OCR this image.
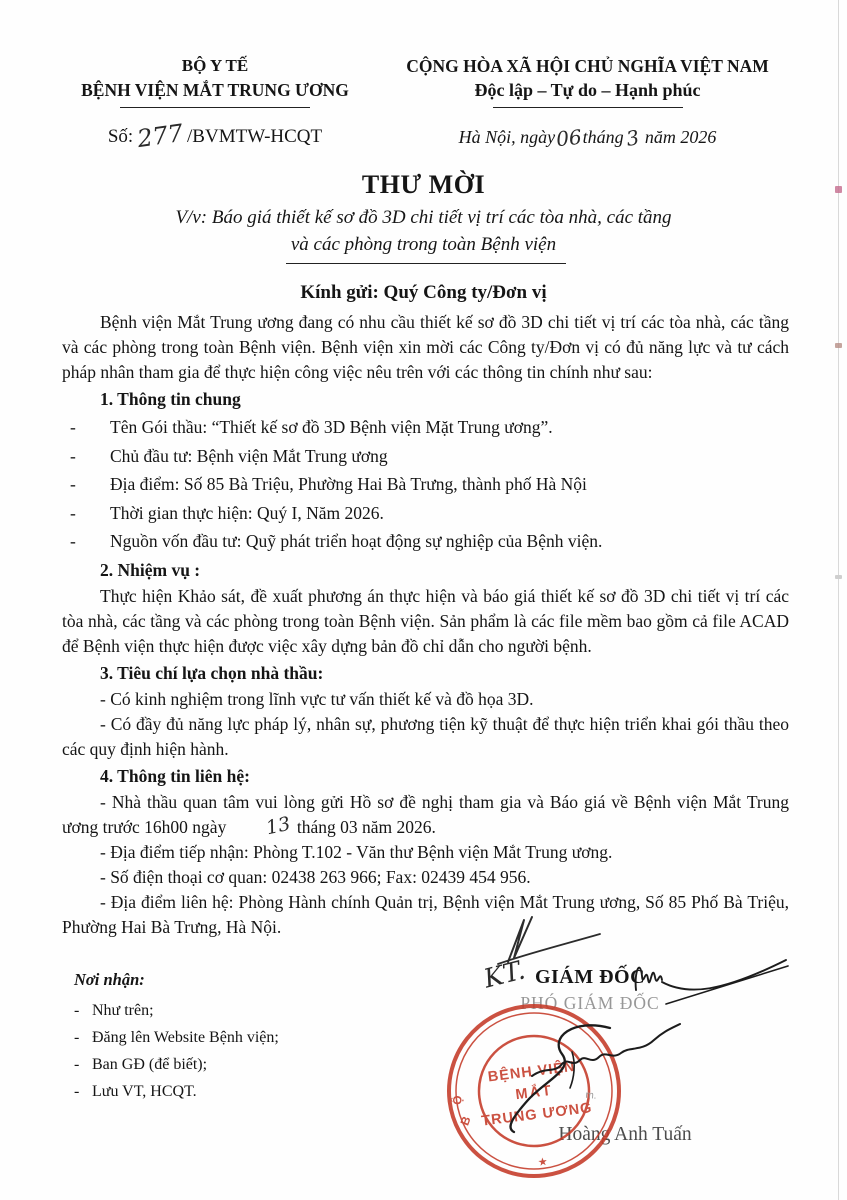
BỘ Y TẾ
BỆNH VIỆN MẮT TRUNG ƯƠNG
Số: 277 /BVMTW-HCQT
CỘNG HÒA XÃ HỘI CHỦ NGHĨA VIỆT NAM
Độc lập – Tự do – Hạnh phúc
Hà Nội, ngày06tháng3 năm 2026
THƯ MỜI
V/v: Báo giá thiết kế sơ đồ 3D chi tiết vị trí các tòa nhà, các tầng
và các phòng trong toàn Bệnh viện
Kính gửi: Quý Công ty/Đơn vị

Bệnh viện Mắt Trung ương đang có nhu cầu thiết kế sơ đồ 3D chi tiết vị trí các tòa nhà, các tầng và các phòng trong toàn Bệnh viện. Bệnh viện xin mời các Công ty/Đơn vị có đủ năng lực và tư cách pháp nhân tham gia để thực hiện công việc nêu trên với các thông tin chính như sau:

1. Thông tin chung
-	Tên Gói thầu: “Thiết kế sơ đồ 3D Bệnh viện Mặt Trung ương”.
-	Chủ đầu tư: Bệnh viện Mắt Trung ương
-	Địa điểm: Số 85 Bà Triệu, Phường Hai Bà Trưng, thành phố Hà Nội
-	Thời gian thực hiện: Quý I, Năm 2026.
-	Nguồn vốn đầu tư: Quỹ phát triển hoạt động sự nghiệp của Bệnh viện.
2. Nhiệm vụ :

Thực hiện Khảo sát, đề xuất phương án thực hiện và báo giá thiết kế sơ đồ 3D chi tiết vị trí các tòa nhà, các tầng và các phòng trong toàn Bệnh viện. Sản phẩm là các file mềm bao gồm cả file ACAD để Bệnh viện thực hiện được việc xây dựng bản đồ chỉ dẫn cho người bệnh.

3. Tiêu chí lựa chọn nhà thầu:

- Có kinh nghiệm trong lĩnh vực tư vấn thiết kế và đồ họa 3D.

- Có đầy đủ năng lực pháp lý, nhân sự, phương tiện kỹ thuật để thực hiện triển khai gói thầu theo các quy định hiện hành.

4. Thông tin liên hệ:

- Nhà thầu quan tâm vui lòng gửi Hồ sơ đề nghị tham gia và Báo giá về Bệnh viện Mắt Trung ương trước 16h00 ngày 13 tháng 03 năm 2026.

- Địa điểm tiếp nhận: Phòng T.102 - Văn thư Bệnh viện Mắt Trung ương.

- Số điện thoại cơ quan: 02438 263 966; Fax: 02439 454 956.

- Địa điểm liên hệ: Phòng Hành chính Quản trị, Bệnh viện Mắt Trung ương, Số 85 Phố Bà Triệu, Phường Hai Bà Trưng, Hà Nội.

Nơi nhận:
- Như trên;
- Đăng lên Website Bệnh viện;
- Ban GĐ (để biết);
- Lưu VT, HCQT.
KT. GIÁM ĐỐC
PHÓ GIÁM ĐỐC
Hoàng Anh Tuấn
BỆNH VIỆN
MẮT
TRUNG ƯƠNG
B
Ộ
★
m.
